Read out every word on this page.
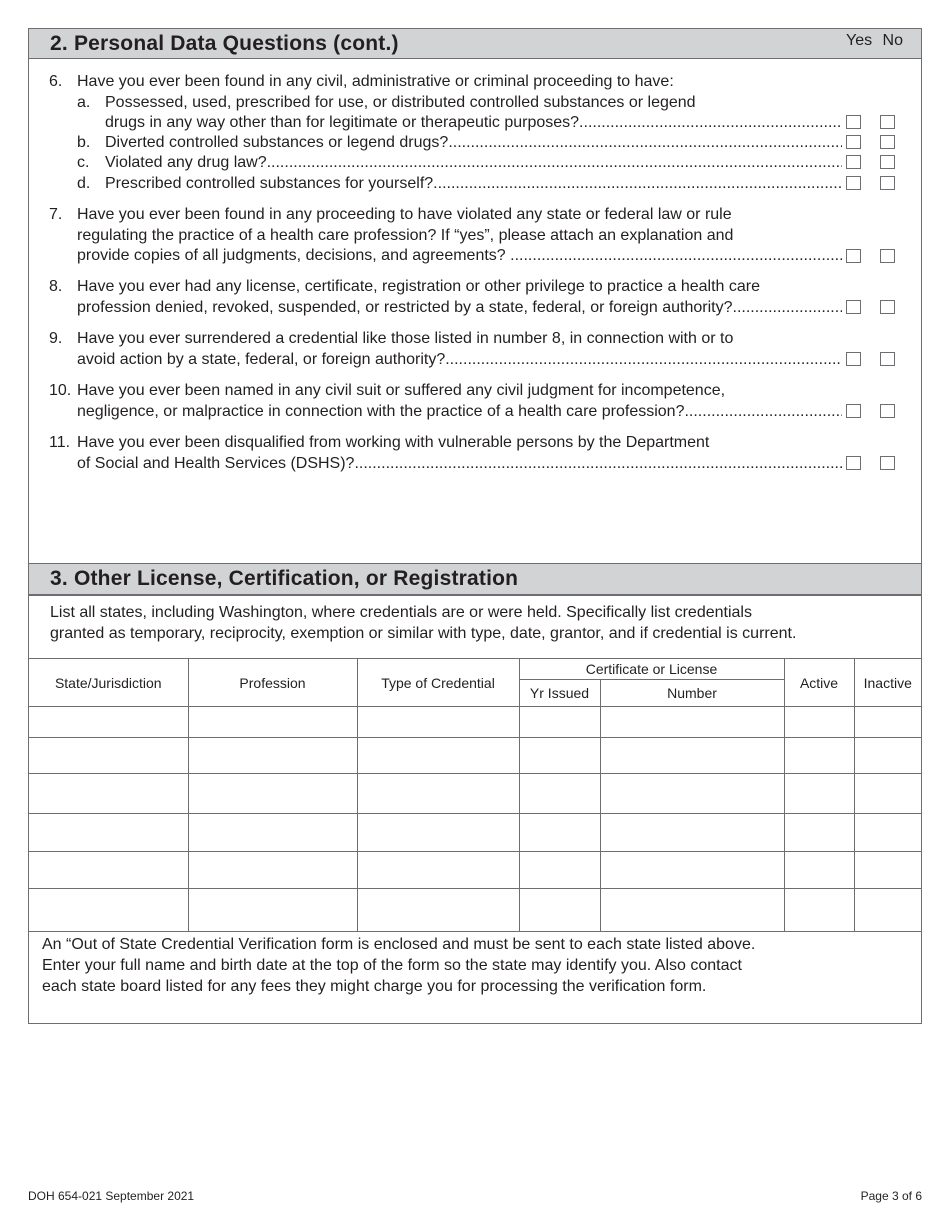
2. Personal Data Questions (cont.)	Yes No
6. Have you ever been found in any civil, administrative or criminal proceeding to have:
a. Possessed, used, prescribed for use, or distributed controlled substances or legend
drugs in any way other than for legitimate or therapeutic purposes?
.....
b. Diverted controlled substances or legend drugs?
.....
c. Violated any drug law?
.....
d. Prescribed controlled substances for yourself?
.....
7. Have you ever been found in any proceeding to have violated any state or federal law or rule
regulating the practice of a health care profession? If “yes”, please attach an explanation and
provide copies of all judgments, decisions, and agreements? .
.....
8. Have you ever had any license, certificate, registration or other privilege to practice a health care
profession denied, revoked, suspended, or restricted by a state, federal, or foreign authority?
.....
9. Have you ever surrendered a credential like those listed in number 8, in connection with or to
avoid action by a state, federal, or foreign authority?
.....
10. Have you ever been named in any civil suit or suffered any civil judgment for incompetence,
negligence, or malpractice in connection with the practice of a health care profession?
.....
11. Have you ever been disqualified from working with vulnerable persons by the Department
of Social and Health Services (DSHS)?
.....
3. Other License, Certification, or Registration
List all states, including Washington, where credentials are or were held. Specifically list credentials
granted as temporary, reciprocity, exemption or similar with type, date, grantor, and if credential is current.
State/Jurisdiction	Profession	Type of Credential	Certificate or License		Active	Inactive
			Yr Issued	Number		

An “Out of State Credential Verification form is enclosed and must be sent to each state listed above.
Enter your full name and birth date at the top of the form so the state may identify you. Also contact
each state board listed for any fees they might charge you for processing the verification form.
DOH 654-021 September 2021	Page 3 of 6
